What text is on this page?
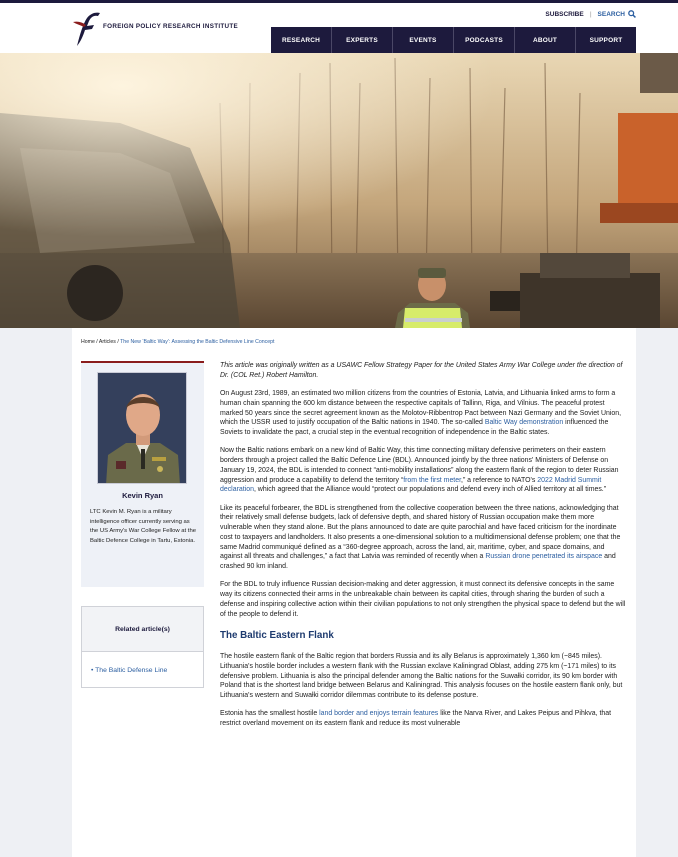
FOREIGN POLICY RESEARCH INSTITUTE
SUBSCRIBE | SEARCH
RESEARCH	EXPERTS	EVENTS	PODCASTS	ABOUT	SUPPORT
Home / Articles / The New ‘Baltic Way’: Assessing the Baltic Defensive Line Concept
Kevin Ryan
LTC Kevin M. Ryan is a military intelligence officer currently serving as the US Army's War College Fellow at the Baltic Defence College in Tartu, Estonia.
Related article(s)
• The Baltic Defense Line

This article was originally written as a USAWC Fellow Strategy Paper for the United States Army War College under the direction of Dr. (COL Ret.) Robert Hamilton.

On August 23rd, 1989, an estimated two million citizens from the countries of Estonia, Latvia, and Lithuania linked arms to form a human chain spanning the 600 km distance between the respective capitals of Tallinn, Riga, and Vilnius. The peaceful protest marked 50 years since the secret agreement known as the Molotov-Ribbentrop Pact between Nazi Germany and the Soviet Union, which the USSR used to justify occupation of the Baltic nations in 1940. The so-called Baltic Way demonstration influenced the Soviets to invalidate the pact, a crucial step in the eventual recognition of independence in the Baltic states.

Now the Baltic nations embark on a new kind of Baltic Way, this time connecting military defensive perimeters on their eastern borders through a project called the Baltic Defence Line (BDL). Announced jointly by the three nations' Ministers of Defense on January 19, 2024, the BDL is intended to connect “anti-mobility installations” along the eastern flank of the region to deter Russian aggression and produce a capability to defend the territory “from the first meter,” a reference to NATO's 2022 Madrid Summit declaration, which agreed that the Alliance would “protect our populations and defend every inch of Allied territory at all times.”

Like its peaceful forbearer, the BDL is strengthened from the collective cooperation between the three nations, acknowledging that their relatively small defense budgets, lack of defensive depth, and shared history of Russian occupation make them more vulnerable when they stand alone. But the plans announced to date are quite parochial and have faced criticism for the inordinate cost to taxpayers and landholders. It also presents a one-dimensional solution to a multidimensional defense problem; one that the same Madrid communiqué defined as a “360-degree approach, across the land, air, maritime, cyber, and space domains, and against all threats and challenges,” a fact that Latvia was reminded of recently when a Russian drone penetrated its airspace and crashed 90 km inland.

For the BDL to truly influence Russian decision-making and deter aggression, it must connect its defensive concepts in the same way its citizens connected their arms in the unbreakable chain between its capital cities, through sharing the burden of such a defense and inspiring collective action within their civilian populations to not only strengthen the physical space to defend but the will of the people to defend it.

The Baltic Eastern Flank

The hostile eastern flank of the Baltic region that borders Russia and its ally Belarus is approximately 1,360 km (~845 miles). Lithuania's hostile border includes a western flank with the Russian exclave Kaliningrad Oblast, adding 275 km (~171 miles) to its defensive problem. Lithuania is also the principal defender among the Baltic nations for the Suwałki corridor, its 90 km border with Poland that is the shortest land bridge between Belarus and Kaliningrad. This analysis focuses on the hostile eastern flank only, but Lithuania's western and Suwałki corridor dilemmas contribute to its defense posture.

Estonia has the smallest hostile land border and enjoys terrain features like the Narva River, and Lakes Peipus and Pihkva, that restrict overland movement on its eastern flank and reduce its most vulnerable
